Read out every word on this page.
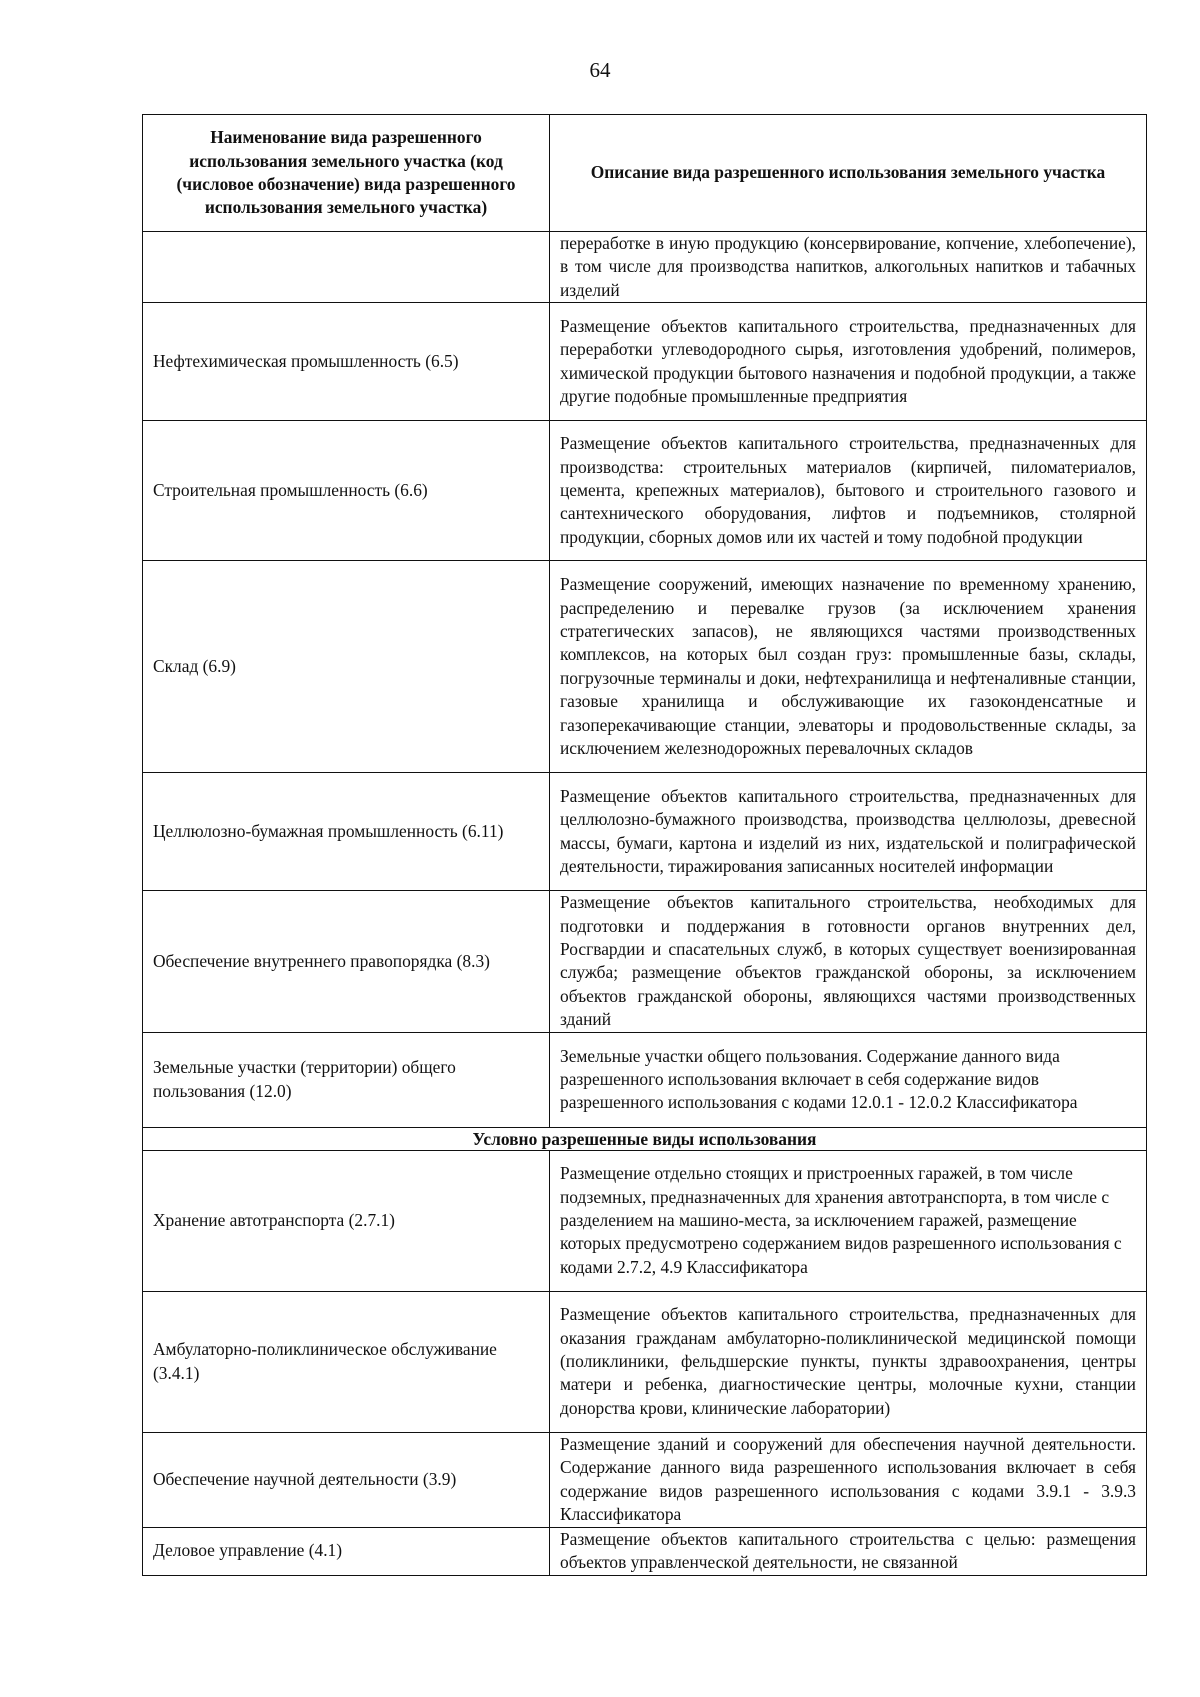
64
Наименование вида разрешенного использования земельного участка (код (числовое обозначение) вида разрешенного использования земельного участка)	Описание вида разрешенного использования земельного участка
	переработке в иную продукцию (консервирование, копчение, хлебопечение), в том числе для производства напитков, алкогольных напитков и табачных изделий
Нефтехимическая промышленность (6.5)	Размещение объектов капитального строительства, предназначенных для переработки углеводородного сырья, изготовления удобрений, полимеров, химической продукции бытового назначения и подобной продукции, а также другие подобные промышленные предприятия
Строительная промышленность (6.6)	Размещение объектов капитального строительства, предназначенных для производства: строительных материалов (кирпичей, пиломатериалов, цемента, крепежных материалов), бытового и строительного газового и сантехнического оборудования, лифтов и подъемников, столярной продукции, сборных домов или их частей и тому подобной продукции
Склад (6.9)	Размещение сооружений, имеющих назначение по временному хранению, распределению и перевалке грузов (за исключением хранения стратегических запасов), не являющихся частями производственных комплексов, на которых был создан груз: промышленные базы, склады, погрузочные терминалы и доки, нефтехранилища и нефтеналивные станции, газовые хранилища и обслуживающие их газоконденсатные и газоперекачивающие станции, элеваторы и продовольственные склады, за исключением железнодорожных перевалочных складов
Целлюлозно-бумажная промышленность (6.11)	Размещение объектов капитального строительства, предназначенных для целлюлозно-бумажного производства, производства целлюлозы, древесной массы, бумаги, картона и изделий из них, издательской и полиграфической деятельности, тиражирования записанных носителей информации
Обеспечение внутреннего правопорядка (8.3)	Размещение объектов капитального строительства, необходимых для подготовки и поддержания в готовности органов внутренних дел, Росгвардии и спасательных служб, в которых существует военизированная служба; размещение объектов гражданской обороны, за исключением объектов гражданской обороны, являющихся частями производственных зданий
Земельные участки (территории) общего пользования (12.0)	Земельные участки общего пользования. Содержание данного вида разрешенного использования включает в себя содержание видов разрешенного использования с кодами 12.0.1 - 12.0.2 Классификатора
Условно разрешенные виды использования	
Хранение автотранспорта (2.7.1)	Размещение отдельно стоящих и пристроенных гаражей, в том числе подземных, предназначенных для хранения автотранспорта, в том числе с разделением на машино-места, за исключением гаражей, размещение которых предусмотрено содержанием видов разрешенного использования с кодами 2.7.2, 4.9 Классификатора
Амбулаторно-поликлиническое обслуживание (3.4.1)	Размещение объектов капитального строительства, предназначенных для оказания гражданам амбулаторно-поликлинической медицинской помощи (поликлиники, фельдшерские пункты, пункты здравоохранения, центры матери и ребенка, диагностические центры, молочные кухни, станции донорства крови, клинические лаборатории)
Обеспечение научной деятельности (3.9)	Размещение зданий и сооружений для обеспечения научной деятельности. Содержание данного вида разрешенного использования включает в себя содержание видов разрешенного использования с кодами 3.9.1 - 3.9.3 Классификатора
Деловое управление (4.1)	Размещение объектов капитального строительства с целью: размещения объектов управленческой деятельности, не связанной
